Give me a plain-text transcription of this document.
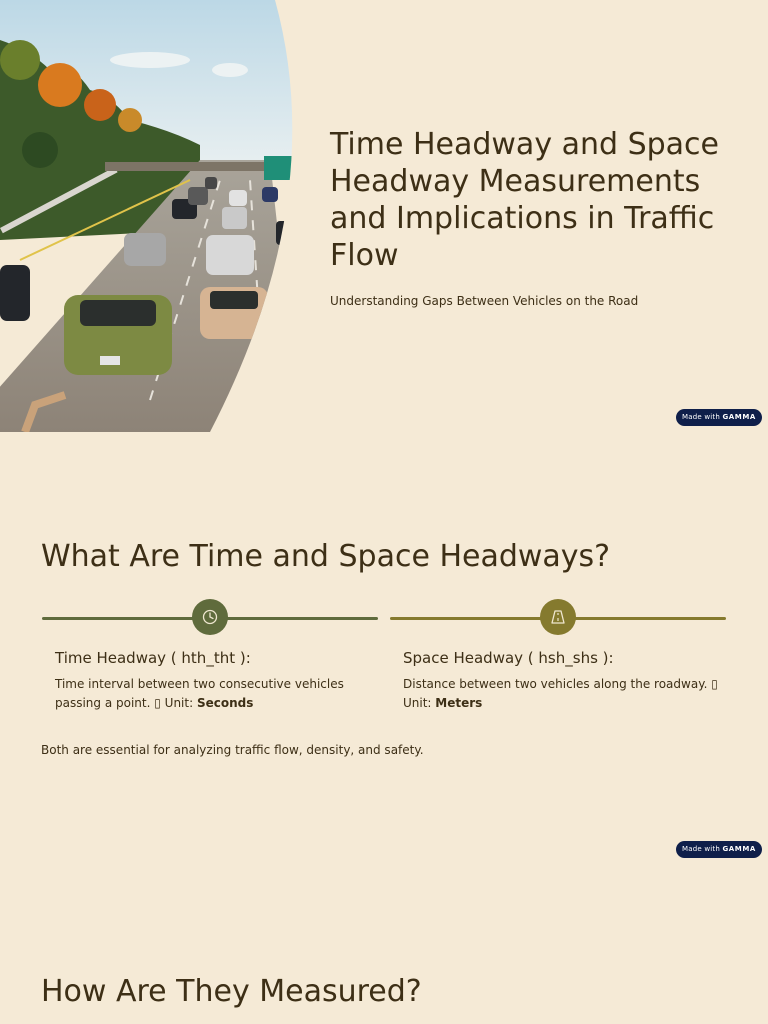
Time Headway and Space Headway Measurements and Implications in Traffic Flow

Understanding Gaps Between Vehicles on the Road

Made with GAMMA
What Are Time and Space Headways?
Time Headway ( hth_tht ):

Time interval between two consecutive vehicles passing a point. ▯ Unit: Seconds

Space Headway ( hsh_shs ):

Distance between two vehicles along the roadway. ▯ Unit: Meters

Both are essential for analyzing traffic flow, density, and safety.

Made with GAMMA
How Are They Measured?
